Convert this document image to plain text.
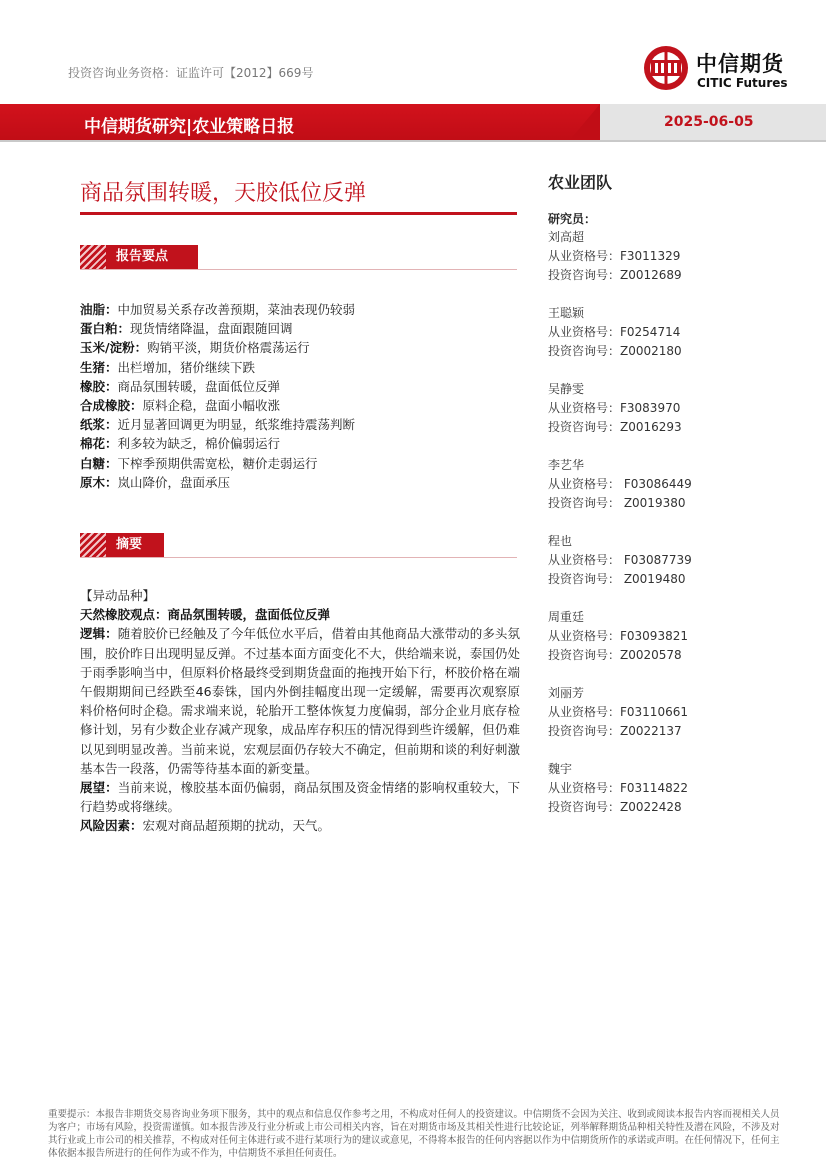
投资咨询业务资格：证监许可【2012】669号	中信期货
CITIC Futures
中信期货研究|农业策略日报	2025-06-05
商品氛围转暖，天胶低位反弹
报告要点
油脂：中加贸易关系存改善预期，菜油表现仍较弱
蛋白粕：现货情绪降温，盘面跟随回调
玉米/淀粉：购销平淡，期货价格震荡运行
生猪：出栏增加，猪价继续下跌
橡胶：商品氛围转暖，盘面低位反弹
合成橡胶：原料企稳，盘面小幅收涨
纸浆：近月显著回调更为明显，纸浆维持震荡判断
棉花：利多较为缺乏，棉价偏弱运行
白糖：下榨季预期供需宽松，糖价走弱运行
原木：岚山降价，盘面承压
摘要

【异动品种】

天然橡胶观点：商品氛围转暖，盘面低位反弹

逻辑：随着胶价已经触及了今年低位水平后，借着由其他商品大涨带动的多头氛围，胶价昨日出现明显反弹。不过基本面方面变化不大，供给端来说，泰国仍处于雨季影响当中，但原料价格最终受到期货盘面的拖拽开始下行，杯胶价格在端午假期期间已经跌至46泰铢，国内外倒挂幅度出现一定缓解，需要再次观察原料价格何时企稳。需求端来说，轮胎开工整体恢复力度偏弱，部分企业月底存检修计划，另有少数企业存减产现象，成品库存积压的情况得到些许缓解，但仍难以见到明显改善。当前来说，宏观层面仍存较大不确定，但前期和谈的利好刺激基本告一段落，仍需等待基本面的新变量。

展望：当前来说，橡胶基本面仍偏弱，商品氛围及资金情绪的影响权重较大，下行趋势或将继续。

风险因素：宏观对商品超预期的扰动，天气。

农业团队
研究员：
刘高超
从业资格号：F3011329
投资咨询号：Z0012689
王聪颖
从业资格号：F0254714
投资咨询号：Z0002180
吴静雯
从业资格号：F3083970
投资咨询号：Z0016293
李艺华
从业资格号： F03086449
投资咨询号： Z0019380
程也
从业资格号： F03087739
投资咨询号： Z0019480
周重廷
从业资格号：F03093821
投资咨询号：Z0020578
刘丽芳
从业资格号：F03110661
投资咨询号：Z0022137
魏宇
从业资格号：F03114822
投资咨询号：Z0022428
重要提示：本报告非期货交易咨询业务项下服务，其中的观点和信息仅作参考之用，不构成对任何人的投资建议。中信期货不会因为关注、收到或阅读本报告内容而视相关人员为客户；市场有风险，投资需谨慎。如本报告涉及行业分析或上市公司相关内容，旨在对期货市场及其相关性进行比较论证，列举解释期货品种相关特性及潜在风险，不涉及对其行业或上市公司的相关推荐，不构成对任何主体进行或不进行某项行为的建议或意见，不得将本报告的任何内容据以作为中信期货所作的承诺或声明。在任何情况下，任何主体依据本报告所进行的任何作为或不作为，中信期货不承担任何责任。
